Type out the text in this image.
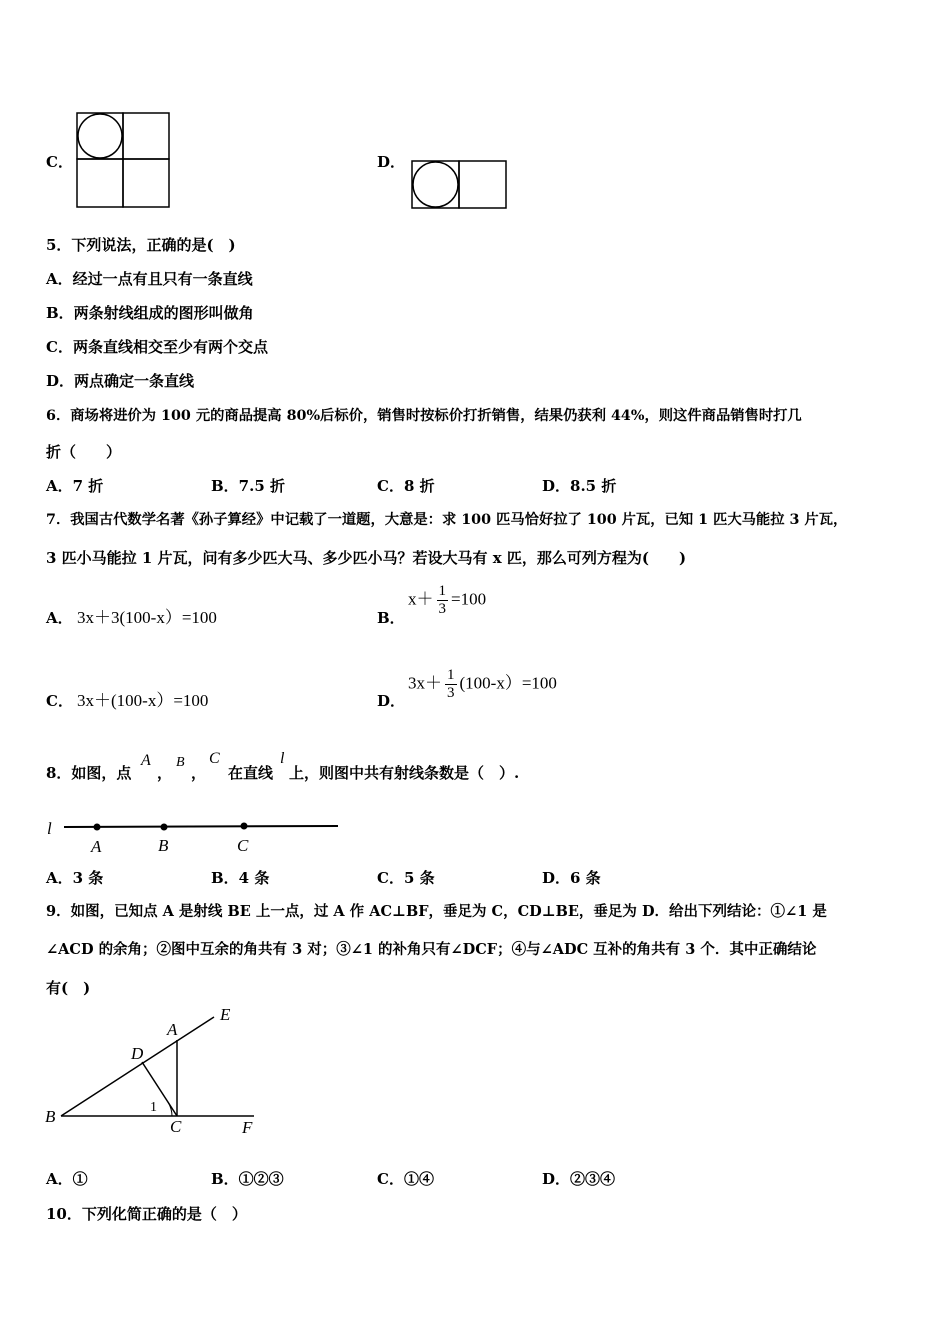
C．	D．
5．下列说法，正确的是(　)
A．经过一点有且只有一条直线
B．两条射线组成的图形叫做角
C．两条直线相交至少有两个交点
D．两点确定一条直线
6．商场将进价为 100 元的商品提高 80%后标价，销售时按标价打折销售，结果仍获利 44%，则这件商品销售时打几
折（　　）
A．7 折	B．7.5 折	C．8 折	D．8.5 折
7．我国古代数学名著《孙子算经》中记载了一道题，大意是：求 100 匹马恰好拉了 100 片瓦，已知 1 匹大马能拉 3 片瓦，
3 匹小马能拉 1 片瓦，问有多少匹大马、多少匹小马？若设大马有 x 匹，那么可列方程为(　　)
A． 3x＋3(100-x）=100	B．
$x+ \frac{1}{3} =100$
C． 3x＋(100-x）=100	D．
$3x+ \frac{1}{3} (100-x)=100$
8．如图，点
A
，
B
，
C
在直线
l
上，则图中共有射线条数是（　）.
l
A	B	C
A．3 条	B．4 条	C．5 条	D．6 条
9．如图，已知点 A 是射线 BE 上一点，过 A 作 AC⊥BF，垂足为 C，CD⊥BE，垂足为 D．给出下列结论：①∠1 是
∠ACD 的余角；②图中互余的角共有 3 对；③∠1 的补角只有∠DCF；④与∠ADC 互补的角共有 3 个．其中正确结论
有(　)
E
A
D
B	1
C	F
A．①	B．①②③	C．①④	D．②③④
10．下列化简正确的是（　）
